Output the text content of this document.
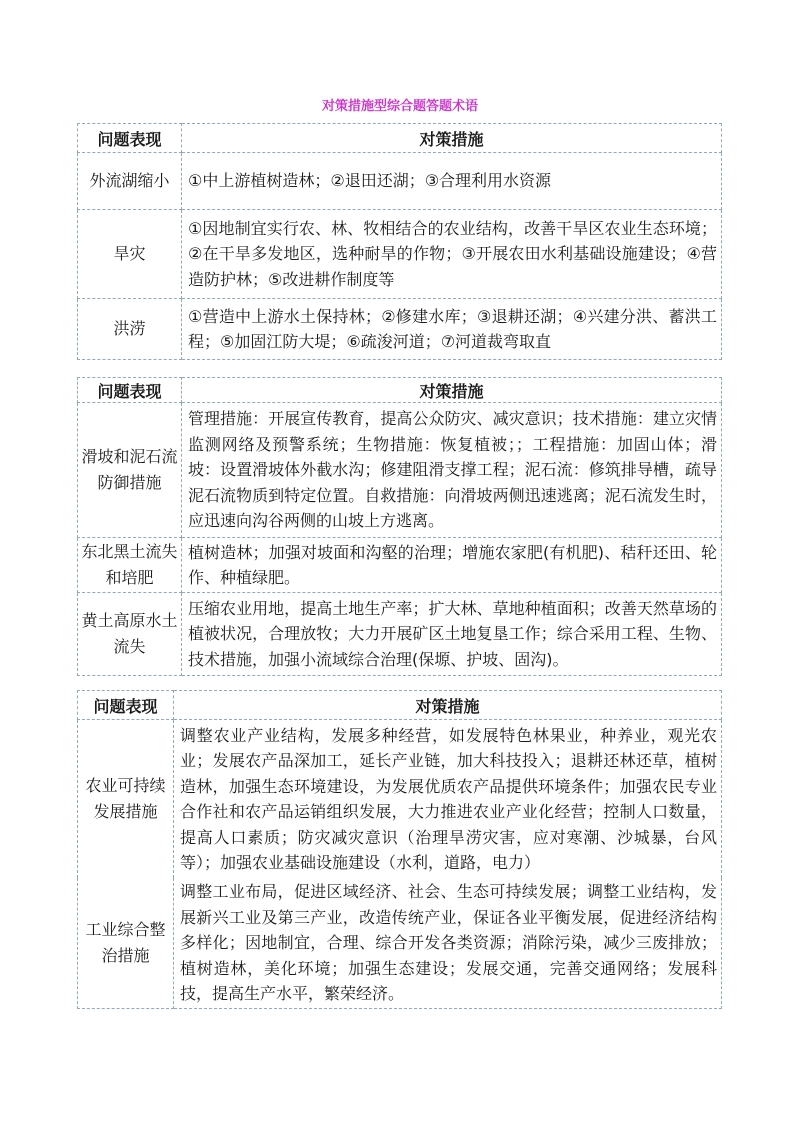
对策措施型综合题答题术语
问题表现	对策措施
外流湖缩小	①中上游植树造林；②退田还湖；③合理利用水资源
旱灾	①因地制宜实行农、林、牧相结合的农业结构，改善干旱区农业生态环境；②在干旱多发地区，选种耐旱的作物；③开展农田水利基础设施建设；④营造防护林；⑤改进耕作制度等
洪涝	①营造中上游水土保持林；②修建水库；③退耕还湖；④兴建分洪、蓄洪工程；⑤加固江防大堤；⑥疏浚河道；⑦河道裁弯取直
问题表现	对策措施
滑坡和泥石流防御措施	管理措施：开展宣传教育，提高公众防灾、减灾意识；技术措施：建立灾情监测网络及预警系统；生物措施：恢复植被；；工程措施：加固山体；滑坡：设置滑坡体外截水沟；修建阻滑支撑工程；泥石流：修筑排导槽，疏导泥石流物质到特定位置。自救措施：向滑坡两侧迅速逃离；泥石流发生时，应迅速向沟谷两侧的山坡上方逃离。
东北黑土流失和培肥	植树造林；加强对坡面和沟壑的治理；增施农家肥(有机肥)、秸秆还田、轮作、种植绿肥。
黄土高原水土流失	压缩农业用地，提高土地生产率；扩大林、草地种植面积；改善天然草场的植被状况，合理放牧；大力开展矿区土地复垦工作；综合采用工程、生物、技术措施，加强小流域综合治理(保塬、护坡、固沟)。
问题表现	对策措施
农业可持续发展措施	调整农业产业结构，发展多种经营，如发展特色林果业，种养业，观光农业；发展农产品深加工，延长产业链，加大科技投入；退耕还林还草，植树造林，加强生态环境建设，为发展优质农产品提供环境条件；加强农民专业合作社和农产品运销组织发展，大力推进农业产业化经营；控制人口数量，提高人口素质；防灾减灾意识（治理旱涝灾害，应对寒潮、沙城暴，台风等）；加强农业基础设施建设（水利，道路，电力）
工业综合整治措施	调整工业布局，促进区域经济、社会、生态可持续发展；调整工业结构，发展新兴工业及第三产业，改造传统产业，保证各业平衡发展，促进经济结构多样化；因地制宜，合理、综合开发各类资源；消除污染，减少三废排放；植树造林，美化环境；加强生态建设；发展交通，完善交通网络；发展科技，提高生产水平，繁荣经济。
